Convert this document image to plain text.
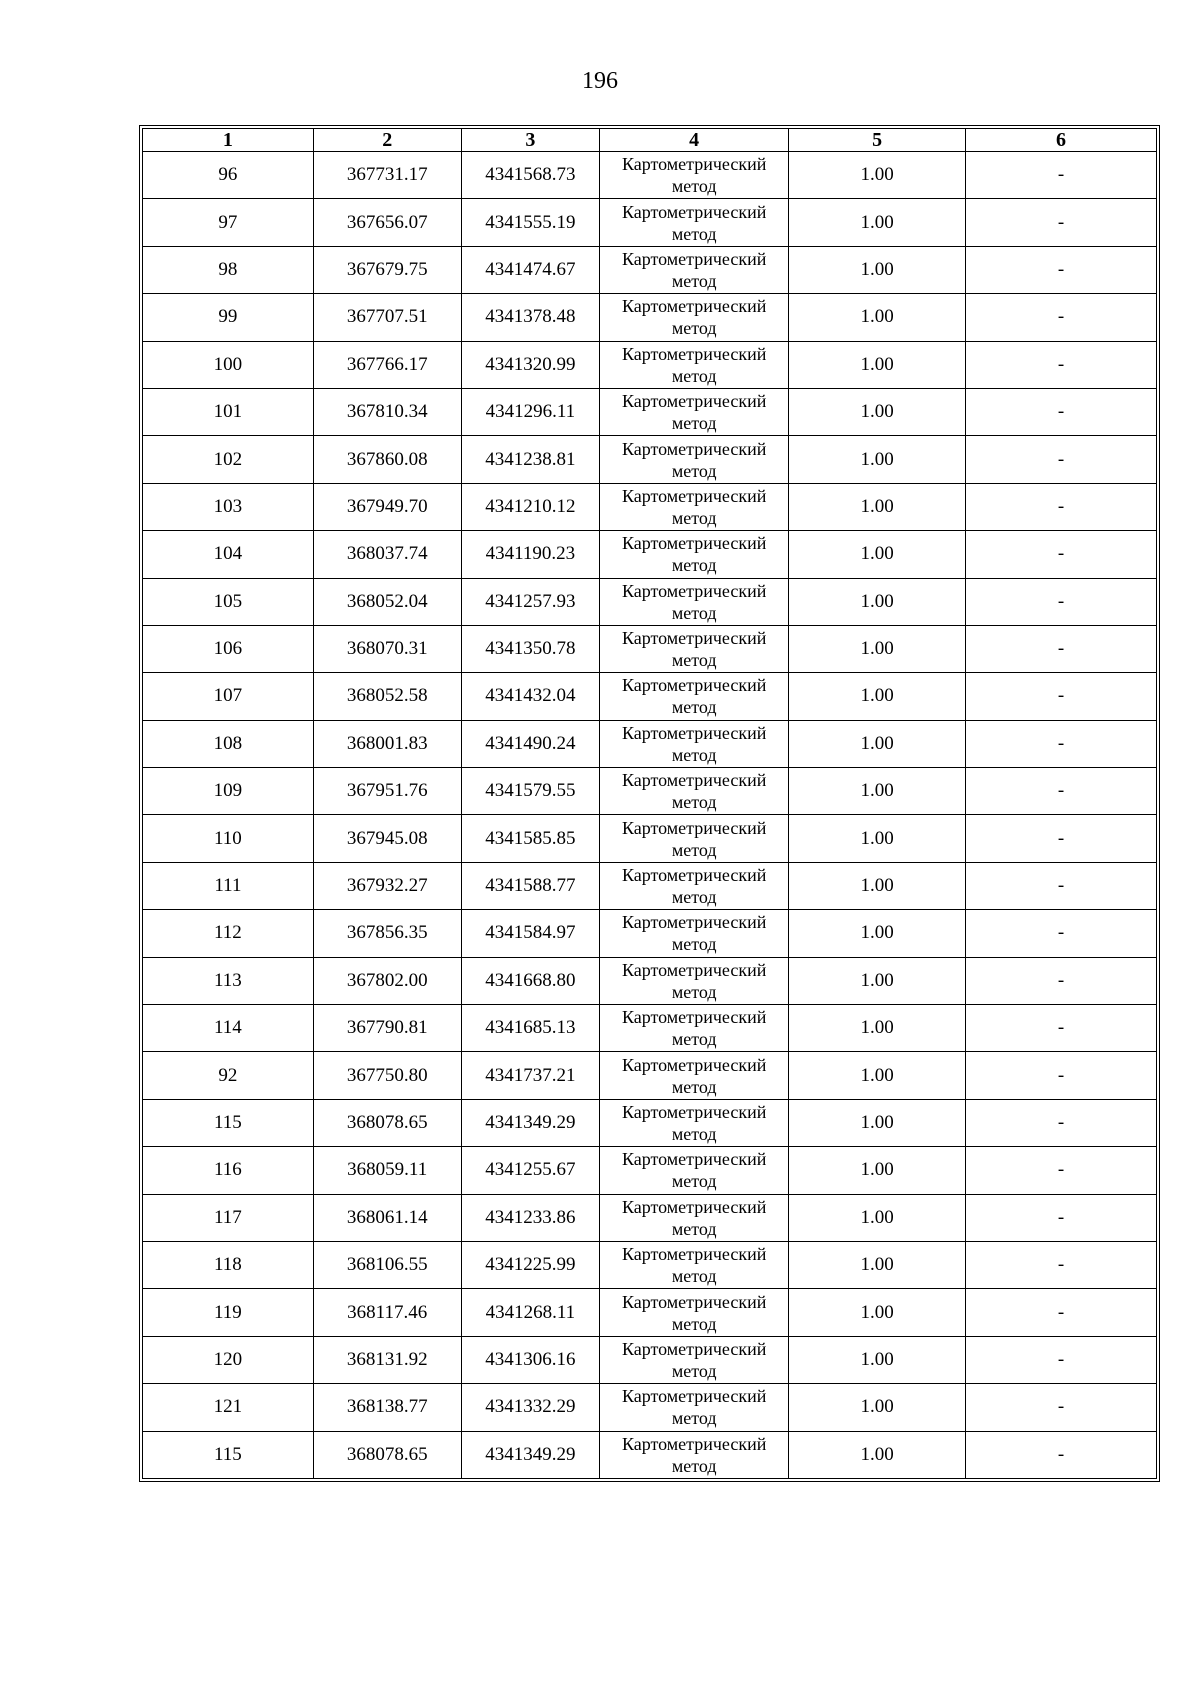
196
1	2	3	4	5	6
96	367731.17	4341568.73	Картометрический метод	1.00	-
97	367656.07	4341555.19	Картометрический метод	1.00	-
98	367679.75	4341474.67	Картометрический метод	1.00	-
99	367707.51	4341378.48	Картометрический метод	1.00	-
100	367766.17	4341320.99	Картометрический метод	1.00	-
101	367810.34	4341296.11	Картометрический метод	1.00	-
102	367860.08	4341238.81	Картометрический метод	1.00	-
103	367949.70	4341210.12	Картометрический метод	1.00	-
104	368037.74	4341190.23	Картометрический метод	1.00	-
105	368052.04	4341257.93	Картометрический метод	1.00	-
106	368070.31	4341350.78	Картометрический метод	1.00	-
107	368052.58	4341432.04	Картометрический метод	1.00	-
108	368001.83	4341490.24	Картометрический метод	1.00	-
109	367951.76	4341579.55	Картометрический метод	1.00	-
110	367945.08	4341585.85	Картометрический метод	1.00	-
111	367932.27	4341588.77	Картометрический метод	1.00	-
112	367856.35	4341584.97	Картометрический метод	1.00	-
113	367802.00	4341668.80	Картометрический метод	1.00	-
114	367790.81	4341685.13	Картометрический метод	1.00	-
92	367750.80	4341737.21	Картометрический метод	1.00	-
115	368078.65	4341349.29	Картометрический метод	1.00	-
116	368059.11	4341255.67	Картометрический метод	1.00	-
117	368061.14	4341233.86	Картометрический метод	1.00	-
118	368106.55	4341225.99	Картометрический метод	1.00	-
119	368117.46	4341268.11	Картометрический метод	1.00	-
120	368131.92	4341306.16	Картометрический метод	1.00	-
121	368138.77	4341332.29	Картометрический метод	1.00	-
115	368078.65	4341349.29	Картометрический метод	1.00	-
